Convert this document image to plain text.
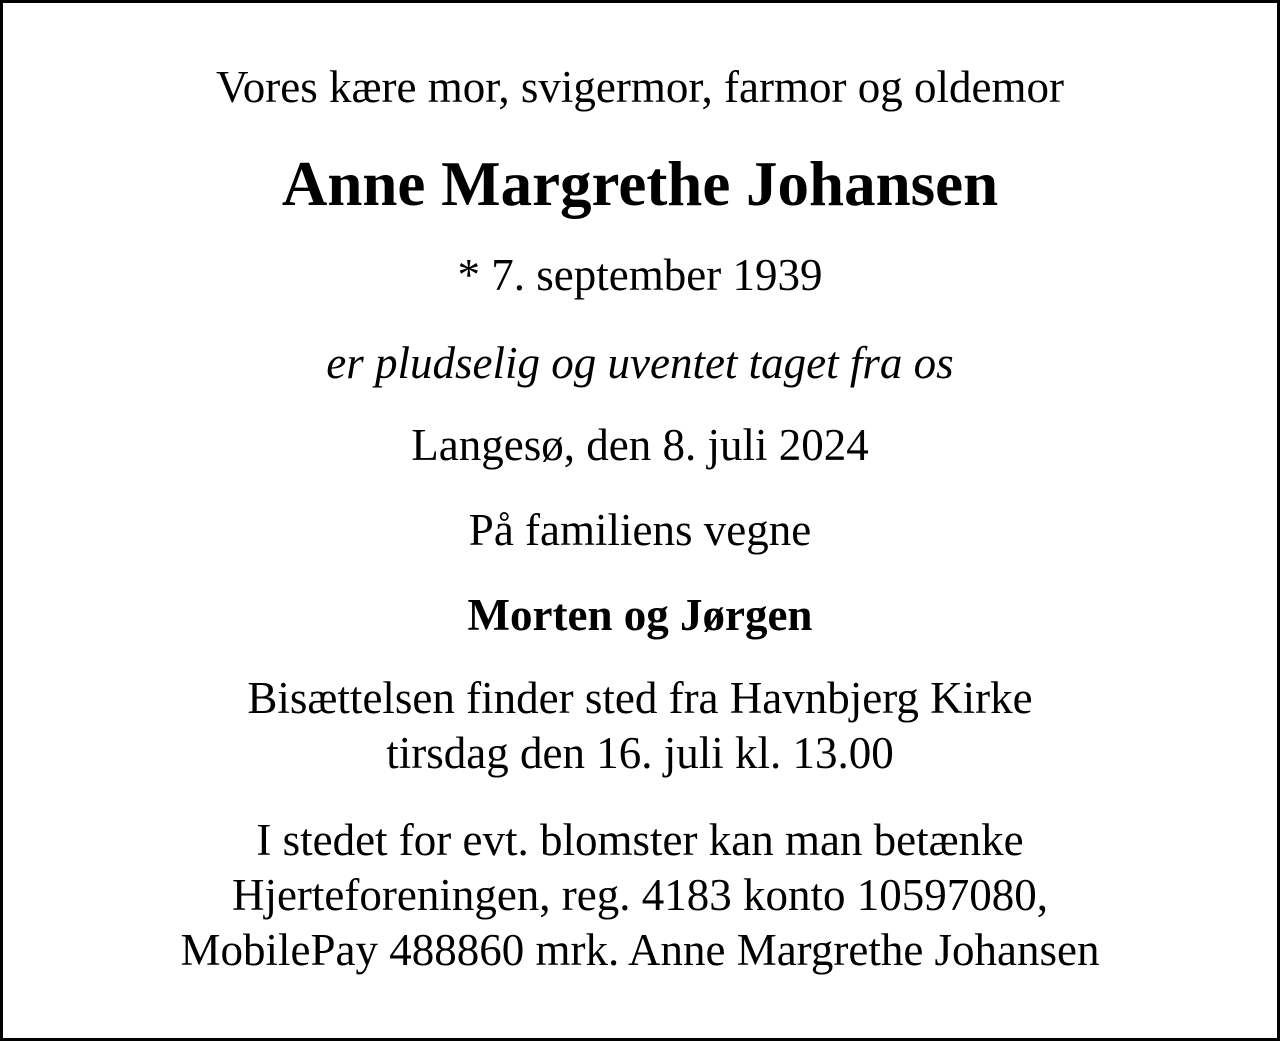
Vores kære mor, svigermor, farmor og oldemor
Anne Margrethe Johansen
* 7. september 1939
er pludselig og uventet taget fra os
Langesø, den 8. juli 2024
På familiens vegne
Morten og Jørgen
Bisættelsen finder sted fra Havnbjerg Kirke
tirsdag den 16. juli kl. 13.00
I stedet for evt. blomster kan man betænke
Hjerteforeningen, reg. 4183 konto 10597080,
MobilePay 488860 mrk. Anne Margrethe Johansen
